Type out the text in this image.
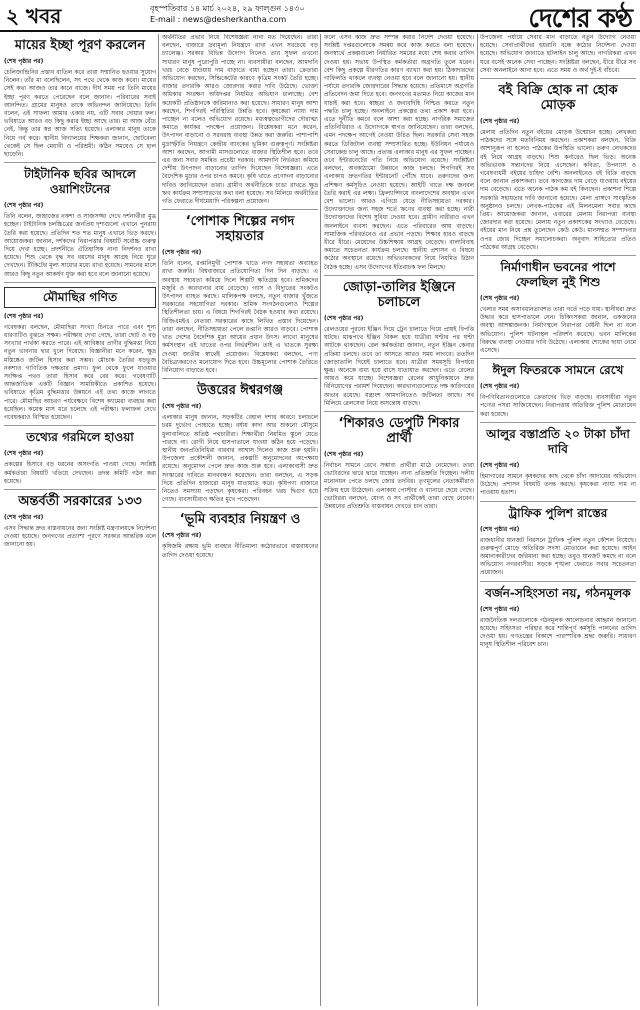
২ খবর	বৃহস্পতিবার ১৪ মার্চ ২০২৪, ২৯ ফাল্গুন ১৪৩০
E-mail : news@desherkantha.com	দেশের কণ্ঠ
মায়ের ইচ্ছা পূরণ করলেন
(শেষ পৃষ্ঠার পর)

চেলিজান্দ্রিনির প্রস্তাব বাতিল করে তারা সম্মানিত হওয়ার সুযোগ নিলেন। তাঁর মা বলেছিলেন, সৎ পথে থেকে কাজ করো। মায়ের সেই কথা আজও তার কানে বাজে। দীর্ঘ সময় পর তিনি মায়ের ইচ্ছা পূরণ করতে পেরেছেন বলে জানান। পরিবারের সবাই আনন্দিত। গ্রামের মানুষও তাকে অভিনন্দন জানিয়েছে। তিনি বলেন, এই সাফল্য আমার একার নয়, এটি সবার দোয়ার ফল। ভবিষ্যতে আরও বড় কিছু করার ইচ্ছা আছে তার। মা আজ বেঁচে নেই, কিন্তু তার স্বপ্ন আজ সত্যি হয়েছে। এলাকার মানুষ তাকে নিয়ে গর্ব করে। স্থানীয় বিদ্যালয়ের শিক্ষকরা জানান, ছোটবেলা থেকেই সে ছিল মেধাবী ও পরিশ্রমী। কঠিন সময়েও সে হাল ছাড়েনি।

টাইটানিক ছবির আদলে ওয়াশিংটনের
(শেষ পৃষ্ঠার পর)

তিনি বলেন, জাহাজের নকশা ও সাজসজ্জা দেখে দর্শনার্থীরা মুগ্ধ হচ্ছেন। টাইটানিক চলচ্চিত্রের জনপ্রিয় দৃশ্যগুলো এখানে পুনরায় তৈরি করা হয়েছে। প্রতিদিন শত শত মানুষ এখানে ভিড় করছে। আয়োজকরা জানান, দর্শকদের নিরাপত্তার বিষয়টি সর্বোচ্চ গুরুত্ব দিয়ে দেখা হচ্ছে। প্রদর্শনীতে ঐতিহাসিক নানা নিদর্শনও রাখা হয়েছে। শিশু থেকে বৃদ্ধ সব বয়সের মানুষ আগ্রহ নিয়ে ঘুরে দেখছেন। টিকিটের মূল্য সাধ্যের মধ্যে রাখা হয়েছে। সামনের মাসে আরও কিছু নতুন আকর্ষণ যুক্ত করা হবে বলে জানানো হয়েছে।

মৌমাছির গণিত
(শেষ পৃষ্ঠার পর)

গবেষকরা বলছেন, মৌমাছিরা সংখ্যা চিনতে পারে এবং শূন্য ধারণাটিও বুঝতে সক্ষম। পরীক্ষায় দেখা গেছে, তারা ছোট ও বড় সংখ্যার পার্থক্য করতে পারে। এই আবিষ্কার প্রাণীর বুদ্ধিমত্তা নিয়ে নতুন ভাবনার দ্বার খুলে দিয়েছে। বিজ্ঞানীরা মনে করেন, ক্ষুদ্র মস্তিষ্কেও জটিল হিসাব করা সম্ভব। মৌচাক তৈরির ষড়ভুজ নকশাও গাণিতিক দক্ষতার প্রমাণ। ফুল থেকে ফুলে যাওয়ার সংক্ষিপ্ত পথও তারা হিসাব করে বের করে। গবেষণাটি আন্তর্জাতিক একটি বিজ্ঞান সাময়িকীতে প্রকাশিত হয়েছে। ভবিষ্যতে কৃত্রিম বুদ্ধিমত্তার উন্নয়নে এই তথ্য কাজে লাগতে পারে। মৌমাছির আচরণ পর্যবেক্ষণে বিশেষ ক্যামেরা ব্যবহার করা হয়েছিল। কয়েক মাস ধরে চলেছে এই পরীক্ষা। ফলাফল দেখে গবেষকরাও বিস্মিত হয়েছেন।

তথ্যের গরমিলে হাওয়া
(শেষ পৃষ্ঠার পর)

প্রকল্পের হিসাবে বড় ধরনের অসংগতি পাওয়া গেছে। সংশ্লিষ্ট কর্মকর্তারা বিষয়টি খতিয়ে দেখছেন। তদন্ত কমিটি গঠন করা হয়েছে।

অন্তর্বর্তী সরকারের ১৩৩
(শেষ পৃষ্ঠার পর)

এসব সিদ্ধান্ত দ্রুত বাস্তবায়নের জন্য সংশ্লিষ্ট মন্ত্রণালয়কে নির্দেশনা দেওয়া হয়েছে। জনগণের প্রত্যাশা পূরণে সরকার আন্তরিক বলে জানানো হয়।

অর্থনীতির প্রভাব নিয়ে বিশেষজ্ঞরা নানা মত দিয়েছেন। তারা বলছেন, বাজারে দ্রব্যমূল্য নিয়ন্ত্রণে রাখা এখন সবচেয়ে বড় চ্যালেঞ্জ। সরকার বিভিন্ন উদ্যোগ নিলেও তার সুফল এখনো সাধারণ মানুষ পুরোপুরি পাচ্ছে না। ব্যবসায়ীরা বলছেন, আমদানি খরচ বেড়ে যাওয়ায় দাম বাড়াতে বাধ্য হচ্ছেন তারা। ক্রেতারা অভিযোগ করছেন, সিন্ডিকেটের কারণে কৃত্রিম সংকট তৈরি হচ্ছে। বাজার তদারকি আরও জোরদার করার দাবি উঠেছে। ভোক্তা অধিকার সংরক্ষণ অধিদপ্তর নিয়মিত অভিযান চালাচ্ছে। বেশ কয়েকটি প্রতিষ্ঠানকে জরিমানাও করা হয়েছে। সাধারণ মানুষ আশা করছেন, শিগগিরই পরিস্থিতির উন্নতি হবে। কৃষকেরা ন্যায্য দাম পাচ্ছেন না বলেও অভিযোগ রয়েছে। মধ্যস্বত্বভোগীদের দৌরাত্ম্য কমাতে কার্যকর পদক্ষেপ প্রয়োজন। বিশ্লেষকরা মনে করেন, উৎপাদন বাড়ানো ও সরবরাহ ব্যবস্থা উন্নত করা জরুরি। পাশাপাশি মুদ্রাস্ফীতি নিয়ন্ত্রণে কেন্দ্রীয় ব্যাংকের ভূমিকা গুরুত্বপূর্ণ। সংশ্লিষ্টরা আশা করছেন, আগামী মাসগুলোতে বাজার স্থিতিশীল হবে। তবে এর জন্য সবার সমন্বিত প্রচেষ্টা দরকার। আমদানি নির্ভরতা কমিয়ে দেশীয় উৎপাদন বাড়ানোর তাগিদ দিয়েছেন বিশেষজ্ঞরা। এতে বৈদেশিক মুদ্রার ওপর চাপও কমবে। কৃষি খাতে প্রণোদনা বাড়ানোর দাবিও জানিয়েছেন তারা। গ্রামীণ অর্থনীতিকে চাঙা রাখতে ক্ষুদ্র ঋণ কার্যক্রম সম্প্রসারণের কথা বলা হয়েছে। সব মিলিয়ে অর্থনীতির গতি ফেরাতে দীর্ঘমেয়াদি পরিকল্পনা প্রয়োজন।

‘পোশাক শিল্পের নগদ সহায়তার
(শেষ পৃষ্ঠার পর)

তিনি বলেন, রপ্তানিমুখী পোশাক খাতে নগদ সহায়তা অব্যাহত রাখা জরুরি। বিশ্ববাজারে প্রতিযোগিতা দিন দিন বাড়ছে। এ অবস্থায় সহায়তা কমিয়ে দিলে শিল্পটি ক্ষতিগ্রস্ত হবে। শ্রমিকদের মজুরি ও কারখানার ব্যয় বেড়েছে। গ্যাস ও বিদ্যুতের সংকটও উৎপাদন ব্যাহত করছে। মালিকপক্ষ বলছে, নতুন বাজার খুঁজতে সরকারের সহযোগিতা দরকার। শ্রমিক সংগঠনগুলোও শিল্পের স্থিতিশীলতা চায়। এ বিষয়ে শিগগিরই বৈঠক হওয়ার কথা রয়েছে। বিজিএমইএ নেতারা সরকারের কাছে লিখিত প্রস্তাব দিয়েছেন। তারা বলছেন, নীতিসহায়তা পেলে রপ্তানি আরও বাড়বে। পোশাক খাত দেশের বৈদেশিক মুদ্রা আয়ের প্রধান উৎস। লাখো মানুষের কর্মসংস্থান এই খাতের ওপর নির্ভরশীল। তাই এ খাতকে সুরক্ষা দেওয়া জাতীয় স্বার্থেই প্রয়োজন। বিশ্লেষকরা বলছেন, পণ্য বৈচিত্র্যকরণেও মনোযোগ দিতে হবে। উচ্চমূল্যের পোশাক তৈরিতে বিনিয়োগ বাড়াতে হবে।

উত্তরের ঈশ্বরগঞ্জ
(শেষ পৃষ্ঠার পর)

এলাকার মানুষ জানান, সড়কটির বেহাল দশার কারণে চলাচলে চরম দুর্ভোগ পোহাতে হচ্ছে। বর্ষায় কাদা আর শুকনো মৌসুমে ধুলাবালিতে অতিষ্ঠ পথচারীরা। শিক্ষার্থীরা নিয়মিত স্কুলে যেতে পারছে না। রোগী নিয়ে হাসপাতালে যাওয়া কঠিন হয়ে পড়েছে। স্থানীয় জনপ্রতিনিধিরা বারবার আশ্বাস দিলেও কাজ শুরু হয়নি। উপজেলা প্রকৌশলী জানান, প্রকল্পটি অনুমোদনের অপেক্ষায় রয়েছে। অনুমোদন পেলে দ্রুত কাজ শুরু হবে। এলাকাবাসী দ্রুত সংস্কারের দাবিতে মানববন্ধন করেছেন। তারা বলছেন, এ সড়ক দিয়ে প্রতিদিন হাজারো মানুষ যাতায়াত করে। কৃষিপণ্য বাজারে নিতেও সমস্যায় পড়ছেন কৃষকেরা। পরিবহন খরচ দ্বিগুণ হয়ে গেছে। ব্যবসায়ীরাও ক্ষতির মুখে পড়েছেন।

‘ভূমি ব্যবহার নিয়ন্ত্রণ ও
(শেষ পৃষ্ঠার পর)

কৃষিজমি রক্ষায় ভূমি ব্যবহার নীতিমালা কঠোরভাবে বাস্তবায়নের তাগিদ দেওয়া হয়েছে।

ফলে এসব কাজ দ্রুত সম্পন্ন করার নির্দেশ দেওয়া হয়েছে। সংশ্লিষ্ট দপ্তরগুলোকে সমন্বয় করে কাজ করতে বলা হয়েছে। জনস্বার্থে প্রকল্পগুলো নির্ধারিত সময়ের মধ্যে শেষ করার তাগিদ দেওয়া হয়। সভায় উপস্থিত কর্মকর্তারা অগ্রগতি তুলে ধরেন। বেশ কিছু প্রকল্পে ধীরগতির কারণ ব্যাখ্যা করা হয়। ঠিকাদারদের গাফিলতি থাকলে ব্যবস্থা নেওয়া হবে বলে জানানো হয়। স্থানীয় পর্যায়ে তদারকি জোরদারের সিদ্ধান্ত হয়েছে। প্রতিমাসে অগ্রগতি প্রতিবেদন জমা দিতে হবে। জনগণের মতামত নিয়ে কাজের মান যাচাই করা হবে। স্বচ্ছতা ও জবাবদিহি নিশ্চিত করতে নতুন পদ্ধতি চালু হচ্ছে। অনলাইনে প্রকল্পের তথ্য প্রকাশ করা হবে। এতে দুর্নীতি কমবে বলে আশা করা হচ্ছে। নাগরিক সমাজের প্রতিনিধিরাও এ উদ্যোগকে স্বাগত জানিয়েছেন। তারা বলছেন, এমন পদক্ষেপ আগেই নেওয়া উচিত ছিল। সরকারি সেবা সহজ করতে ডিজিটাল ব্যবস্থা সম্প্রসারিত হচ্ছে। ইউনিয়ন পর্যায়েও সেবাকেন্দ্র চালু আছে। প্রত্যন্ত এলাকার মানুষ এর সুফল পাচ্ছেন। তবে ইন্টারনেটের গতি নিয়ে অভিযোগ রয়েছে। সংশ্লিষ্টরা বলছেন, অবকাঠামো উন্নয়নে কাজ চলছে। শিগগিরই সব এলাকায় দ্রুতগতির ইন্টারনেট পৌঁছে যাবে। তরুণদের জন্য প্রশিক্ষণ কর্মসূচিও নেওয়া হয়েছে। আইটি খাতে দক্ষ জনবল তৈরি করাই এর লক্ষ্য। ফ্রিল্যান্সিংয়ে বাংলাদেশের অবস্থান এখন বেশ ভালো। আরও এগিয়ে যেতে নীতিসহায়তা দরকার। উদ্যোক্তাদের জন্য সহজ শর্তে ঋণের ব্যবস্থা করা হচ্ছে। নারী উদ্যোক্তাদের বিশেষ সুবিধা দেওয়া হবে। গ্রামীণ নারীরাও এখন অনলাইনে ব্যবসা করছেন। এতে পরিবারের আয় বাড়ছে। সামাজিক পরিবর্তনেও এর প্রভাব পড়ছে। শিক্ষার হারও বাড়ছে ধীরে ধীরে। মেয়েদের উচ্চশিক্ষায় আগ্রহ বেড়েছে। বাল্যবিবাহ কমাতে সচেতনতা কার্যক্রম চলছে। স্থানীয় প্রশাসন এ বিষয়ে কঠোর অবস্থানে রয়েছে। অভিভাবকদের নিয়ে নিয়মিত উঠান বৈঠক হচ্ছে। এসব উদ্যোগের ইতিবাচক ফল মিলছে।

জোড়া-তালির ইঞ্জিনে চলাচলে
(শেষ পৃষ্ঠার পর)

রেলওয়ের পুরনো ইঞ্জিন দিয়ে ট্রেন চালাতে গিয়ে প্রায়ই বিপত্তি ঘটছে। মাঝপথে ইঞ্জিন বিকল হয়ে যাত্রীরা ঘণ্টার পর ঘণ্টা আটকে থাকছেন। রেল কর্মকর্তারা জানান, নতুন ইঞ্জিন কেনার প্রক্রিয়া চলছে। তবে তা আসতে আরও সময় লাগবে। ততদিন জোড়াতালি দিয়েই চালাতে হবে। যাত্রীরা সময়সূচি বিপর্যয়ে ক্ষুব্ধ। অনেকে বাধ্য হয়ে বাসে যাতায়াত করছেন। এতে রেলের আয়ও কমে যাচ্ছে। বিশেষজ্ঞরা রেলের আধুনিকায়নে দ্রুত বিনিয়োগের পরামর্শ দিয়েছেন। কারখানাগুলোতে দক্ষ কারিগরের অভাব রয়েছে। যন্ত্রাংশ আমদানিতেও জটিলতা আছে। সব মিলিয়ে রেলসেবা নিয়ে অসন্তোষ বাড়ছে।

‘শিকারও ডেপুটি শিকার প্রার্থী
(শেষ পৃষ্ঠার পর)

নির্বাচন সামনে রেখে সম্ভাব্য প্রার্থীরা মাঠে নেমেছেন। তারা ভোটারদের দ্বারে দ্বারে যাচ্ছেন। নানা প্রতিশ্রুতি দিচ্ছেন। দলীয় মনোনয়ন পেতে চলছে জোর তদবির। তৃণমূলের নেতাকর্মীরাও সক্রিয় হয়ে উঠেছেন। এলাকায় পোস্টার ও ব্যানারে ছেয়ে গেছে। ভোটাররা বলছেন, যোগ্য ও সৎ প্রার্থীকেই তারা বেছে নেবেন। উন্নয়নের প্রতিশ্রুতি বাস্তবায়ন দেখতে চান তারা।

উপজেলা পর্যায়ে সেবার মান বাড়াতে নতুন উদ্যোগ নেওয়া হয়েছে। সেবাপ্রার্থীদের হয়রানি বন্ধে কঠোর নির্দেশনা দেওয়া হয়েছে। অভিযোগ জানাতে হটলাইন চালু আছে। নাগরিকরা এখন ঘরে বসেই অনেক সেবা পাচ্ছেন। সংশ্লিষ্টরা বলছেন, ধীরে ধীরে সব সেবা অনলাইনে আনা হবে। এতে সময় ও অর্থ দুই-ই বাঁচবে।

বই বিক্রি হোক না হোক মোড়ক
(শেষ পৃষ্ঠার পর)

মেলায় প্রতিদিন নতুন বইয়ের মোড়ক উন্মোচন হচ্ছে। লেখকরা পাঠকদের সঙ্গে মতবিনিময় করছেন। প্রকাশকরা বলছেন, বিক্রি আশানুরূপ না হলেও পাঠকের উপস্থিতি ভালো। তরুণ লেখকদের বই নিয়ে আগ্রহ বাড়ছে। শিশু কর্নারেও ছিল ভিড়। অনেক অভিভাবক সন্তানদের নিয়ে এসেছেন। কবিতা, উপন্যাস ও গবেষণাধর্মী বইয়ের চাহিদা বেশি। অনলাইনেও বই বিক্রি বাড়ছে বলে জানান প্রকাশকরা। তবে কাগজের দাম বেড়ে যাওয়ায় বইয়ের দাম বেড়েছে। এতে অনেক পাঠক কম বই কিনছেন। প্রকাশনা শিল্পে সরকারি সহায়তার দাবি জানানো হয়েছে। মেলা প্রাঙ্গণে সাংস্কৃতিক অনুষ্ঠানও চলছে। লেখক-পাঠকের এই মিলনমেলা সবার কাছে প্রিয়। আয়োজকরা জানান, এবারের মেলায় নিরাপত্তা ব্যবস্থা জোরদার করা হয়েছে। মেলায় নতুন প্রকাশকের সংখ্যাও বেড়েছে। বইয়ের মান নিয়ে প্রশ্ন তুলেছেন কেউ কেউ। মানসম্মত সম্পাদনার ওপর জোর দিচ্ছেন সমালোচকরা। অনুবাদ সাহিত্যের প্রতিও পাঠকের আগ্রহ বেড়েছে।

নির্মাণাধীন ভবনের পাশে ফেলছিল নুই শিশু
(শেষ পৃষ্ঠার পর)

খেলার সময় অসাবধানতাবশত তারা গর্তে পড়ে যায়। স্থানীয়রা দ্রুত উদ্ধার করে হাসপাতালে নেন। চিকিৎসকরা জানান, একজনের অবস্থা আশঙ্কাজনক। নির্মাণস্থলে নিরাপত্তা বেষ্টনী ছিল না বলে অভিযোগ। পুলিশ ঘটনাস্থল পরিদর্শন করেছে। ভবন মালিকের বিরুদ্ধে ব্যবস্থা নেওয়ার দাবি উঠেছে। এলাকায় শোকের ছায়া নেমে এসেছে।

ঈদুল ফিতরকে সামনে রেখে
(শেষ পৃষ্ঠার পর)

বিপণিবিতানগুলোতে ক্রেতাদের ভিড় বাড়ছে। ব্যবসায়ীরা নতুন পণ্যের পসরা সাজিয়েছেন। নিরাপত্তায় অতিরিক্ত পুলিশ মোতায়েন করা হয়েছে।

আলুর বস্তাপ্রতি ২০ টাকা চাঁদা দাবি
(শেষ পৃষ্ঠার পর)

হিমাগারের সামনে কৃষকদের কাছ থেকে চাঁদা আদায়ের অভিযোগ উঠেছে। প্রশাসন বিষয়টি তদন্ত করছে। কৃষকেরা ন্যায্য দাম না পাওয়ায় হতাশ।

ট্রাফিক পুলিশ রাস্তের
(শেষ পৃষ্ঠার পর)

রাজধানীর যানজট নিরসনে ট্রাফিক পুলিশ নতুন কৌশল নিয়েছে। গুরুত্বপূর্ণ মোড়ে অতিরিক্ত সদস্য মোতায়েন করা হয়েছে। আইন অমান্যকারীদের জরিমানা করা হচ্ছে। তবুও যানজট কমছে না বলে অভিযোগ নগরবাসীর। সড়কে শৃঙ্খলা ফেরাতে সবার সচেতনতা প্রয়োজন।

বর্জন-সহিংসতা নয়, গঠনমূলক
(শেষ পৃষ্ঠার পর)

রাজনৈতিক দলগুলোকে গঠনমূলক আলোচনার আহ্বান জানানো হয়েছে। সহিংসতা পরিহার করে শান্তিপূর্ণ কর্মসূচি পালনের তাগিদ দেওয়া হয়। গণতন্ত্রের বিকাশে পারস্পরিক শ্রদ্ধা জরুরি। সাধারণ মানুষ স্থিতিশীল পরিবেশ চান।
